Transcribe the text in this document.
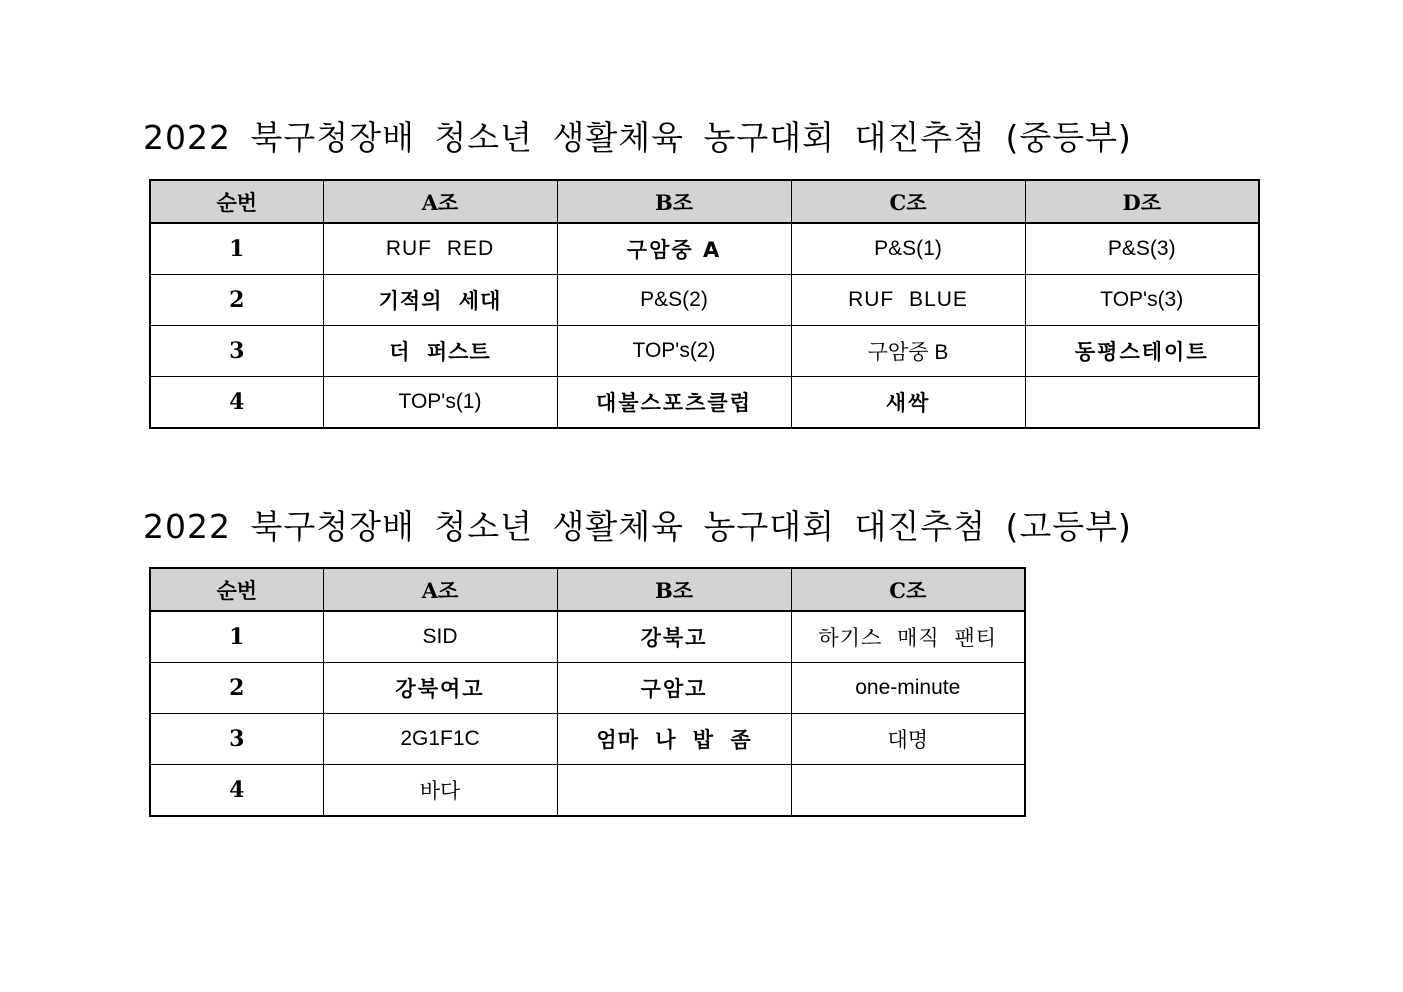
2022 북구청장배 청소년 생활체육 농구대회 대진추첨 (중등부)
순번	A조	B조	C조	D조
1	RUF RED	구암중 A	P&S(1)	P&S(3)
2	기적의 세대	P&S(2)	RUF BLUE	TOP's(3)
3	더 퍼스트	TOP's(2)	구암중 B	동평스테이트
4	TOP's(1)	대불스포츠클럽	새싹	
2022 북구청장배 청소년 생활체육 농구대회 대진추첨 (고등부)
순번	A조	B조	C조
1	SID	강북고	하기스 매직 팬티
2	강북여고	구암고	one-minute
3	2G1F1C	엄마 나 밥 좀	대명
4	바다		
